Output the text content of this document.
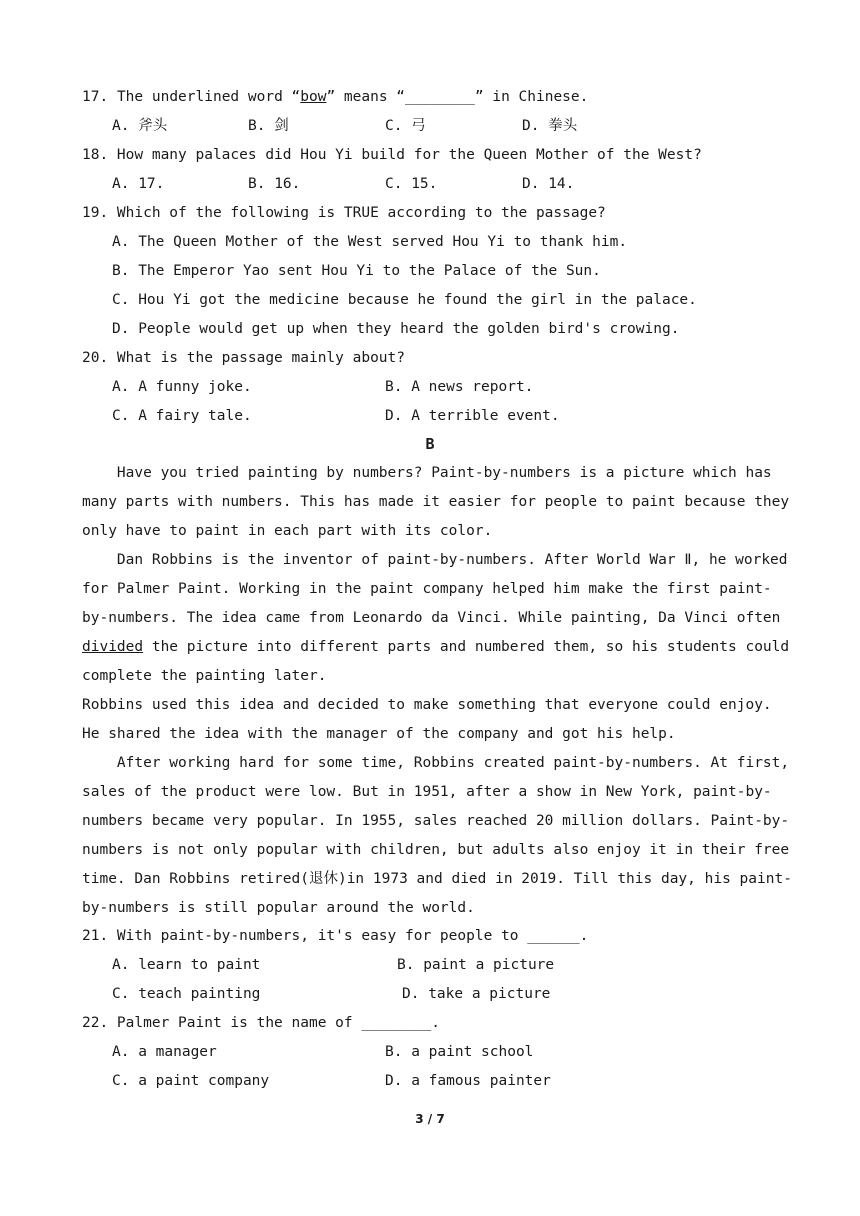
17. The underlined word “bow” means “________” in Chinese.
A. 斧头	B. 剑	C. 弓	D. 拳头
18. How many palaces did Hou Yi build for the Queen Mother of the West?
A. 17.	B. 16.	C. 15.	D. 14.
19. Which of the following is TRUE according to the passage?
A. The Queen Mother of the West served Hou Yi to thank him.
B. The Emperor Yao sent Hou Yi to the Palace of the Sun.
C. Hou Yi got the medicine because he found the girl in the palace.
D. People would get up when they heard the golden bird's crowing.
20. What is the passage mainly about?
A. A funny joke.	B. A news report.
C. A fairy tale.	D. A terrible event.
B
Have you tried painting by numbers? Paint-by-numbers is a picture which has
many parts with numbers. This has made it easier for people to paint because they
only have to paint in each part with its color.
Dan Robbins is the inventor of paint-by-numbers. After World War Ⅱ, he worked
for Palmer Paint. Working in the paint company helped him make the first paint-
by-numbers. The idea came from Leonardo da Vinci. While painting, Da Vinci often
divided the picture into different parts and numbered them, so his students could
complete the painting later.
Robbins used this idea and decided to make something that everyone could enjoy.
He shared the idea with the manager of the company and got his help.
After working hard for some time, Robbins created paint-by-numbers. At first,
sales of the product were low. But in 1951, after a show in New York, paint-by-
numbers became very popular. In 1955, sales reached 20 million dollars. Paint-by-
numbers is not only popular with children, but adults also enjoy it in their free
time. Dan Robbins retired(退休)in 1973 and died in 2019. Till this day, his paint-
by-numbers is still popular around the world.
21. With paint-by-numbers, it's easy for people to ______.
A. learn to paint	B. paint a picture
C. teach painting	D. take a picture
22. Palmer Paint is the name of ________.
A. a manager	B. a paint school
C. a paint company	D. a famous painter
3 / 7
